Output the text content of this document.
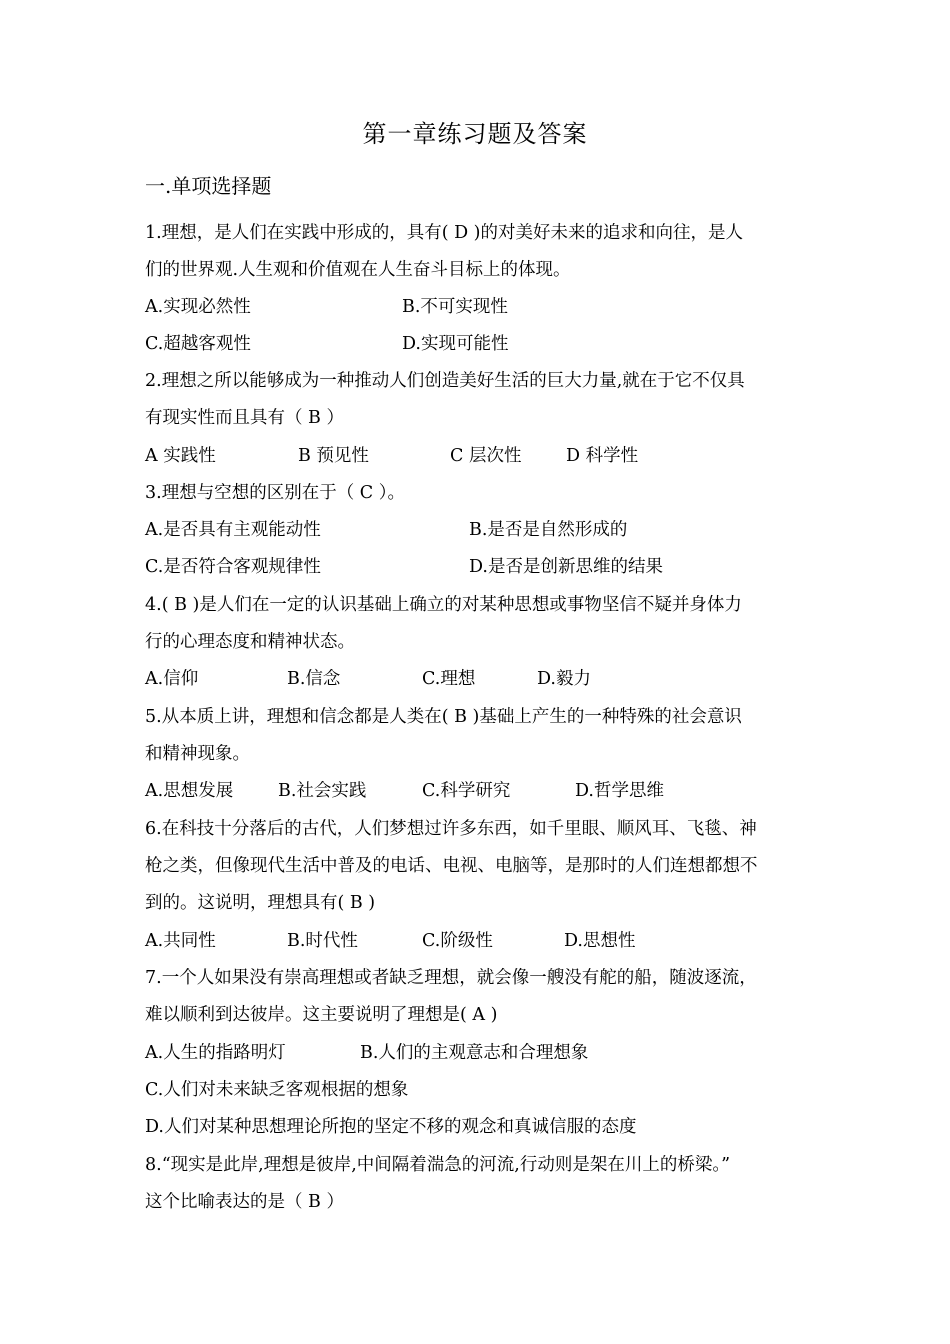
第一章练习题及答案
一.单项选择题
1.理想，是人们在实践中形成的，具有( D )的对美好未来的追求和向往，是人
们的世界观.人生观和价值观在人生奋斗目标上的体现。
A.实现必然性	B.不可实现性
C.超越客观性	D.实现可能性
2.理想之所以能够成为一种推动人们创造美好生活的巨大力量,就在于它不仅具
有现实性而且具有（ B ）
A 实践性	B 预见性	C 层次性	D 科学性
3.理想与空想的区别在于（ C ）。
A.是否具有主观能动性	B.是否是自然形成的
C.是否符合客观规律性	D.是否是创新思维的结果
4.( B )是人们在一定的认识基础上确立的对某种思想或事物坚信不疑并身体力
行的心理态度和精神状态。
A.信仰	B.信念	C.理想	D.毅力
5.从本质上讲，理想和信念都是人类在( B )基础上产生的一种特殊的社会意识
和精神现象。
A.思想发展	B.社会实践	C.科学研究	D.哲学思维
6.在科技十分落后的古代，人们梦想过许多东西，如千里眼、顺风耳、飞毯、神
枪之类，但像现代生活中普及的电话、电视、电脑等，是那时的人们连想都想不
到的。这说明，理想具有( B )
A.共同性	B.时代性	C.阶级性	D.思想性
7.一个人如果没有崇高理想或者缺乏理想，就会像一艘没有舵的船，随波逐流，
难以顺利到达彼岸。这主要说明了理想是( A )
A.人生的指路明灯	B.人们的主观意志和合理想象
C.人们对未来缺乏客观根据的想象
D.人们对某种思想理论所抱的坚定不移的观念和真诚信服的态度
8.“现实是此岸,理想是彼岸,中间隔着湍急的河流,行动则是架在川上的桥梁。”
这个比喻表达的是（ B ）
